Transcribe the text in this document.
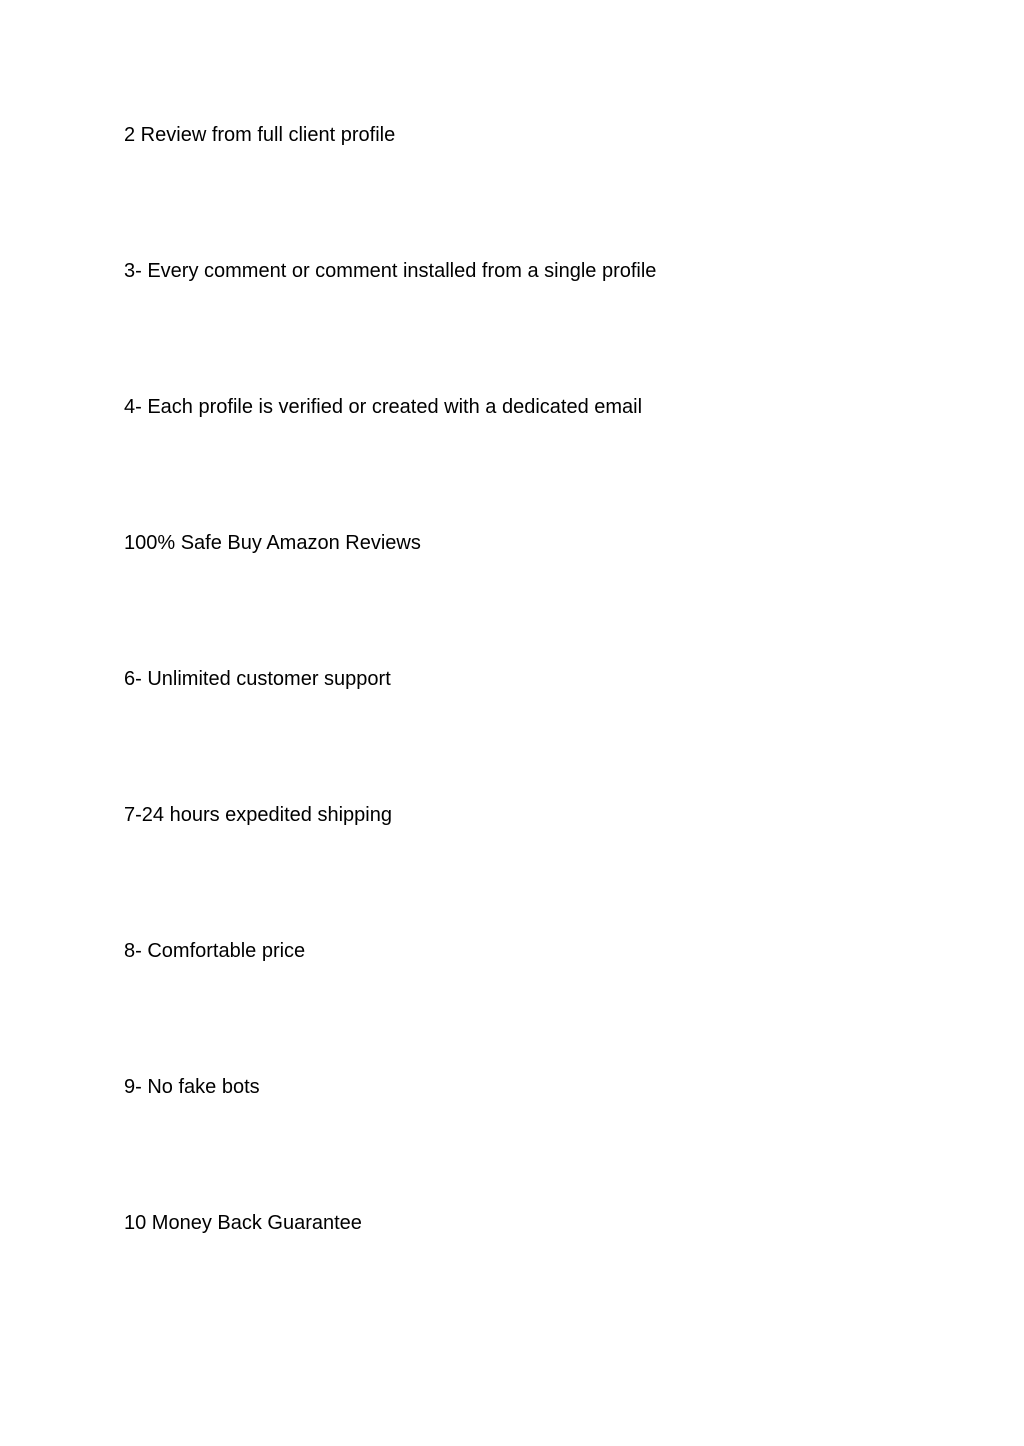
2 Review from full client profile
3- Every comment or comment installed from a single profile
4- Each profile is verified or created with a dedicated email
100% Safe Buy Amazon Reviews
6- Unlimited customer support
7-24 hours expedited shipping
8- Comfortable price
9- No fake bots
10 Money Back Guarantee
